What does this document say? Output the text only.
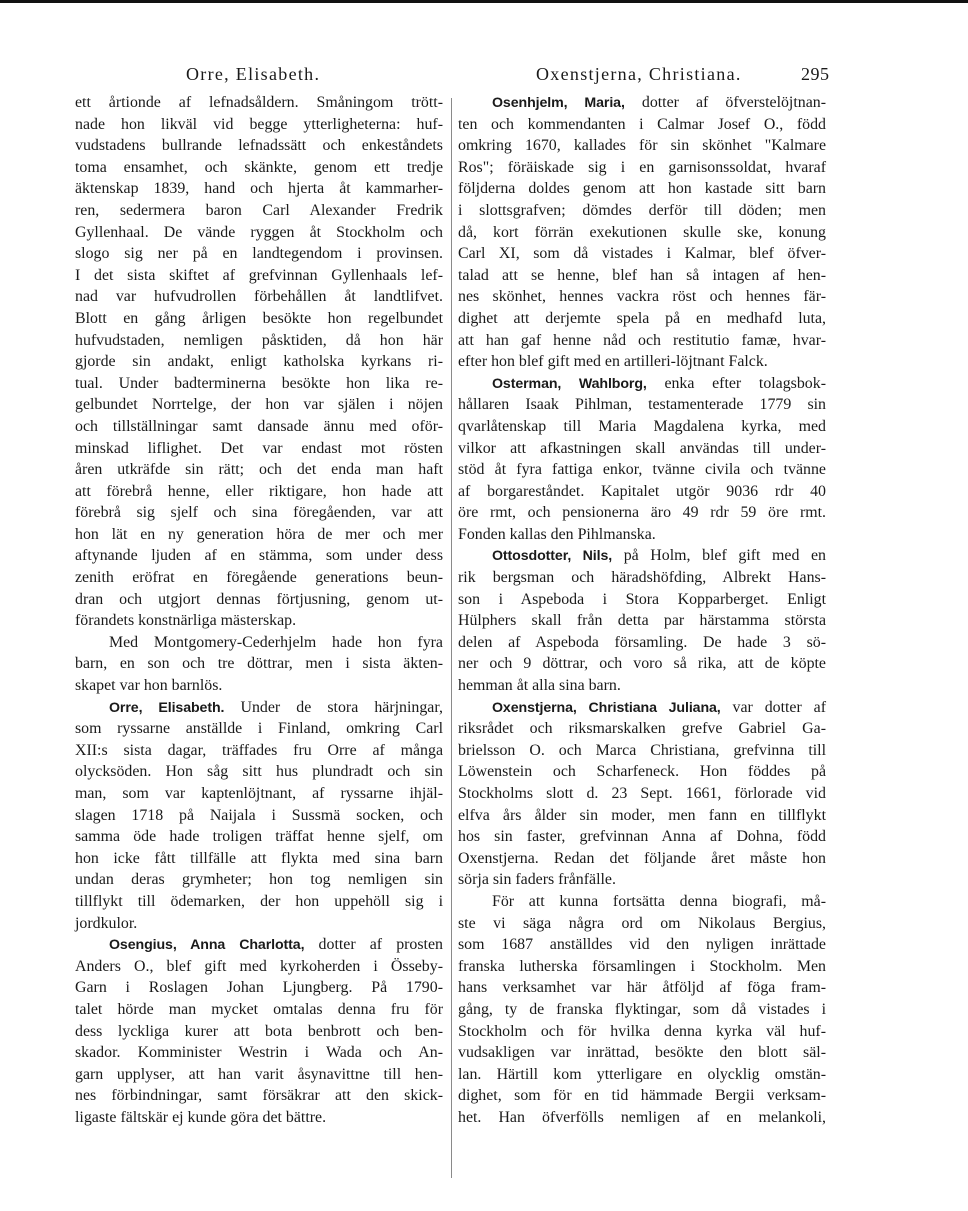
Orre, Elisabeth.	Oxenstjerna, Christiana.	295
ett årtionde af lefnadsåldern. Småningom trött-
nade hon likväl vid begge ytterligheterna: huf-
vudstadens bullrande lefnadssätt och enkeståndets
toma ensamhet, och skänkte, genom ett tredje
äktenskap 1839, hand och hjerta åt kammarher-
ren, sedermera baron Carl Alexander Fredrik
Gyllenhaal. De vände ryggen åt Stockholm och
slogo sig ner på en landtegendom i provinsen.
I det sista skiftet af grefvinnan Gyllenhaals lef-
nad var hufvudrollen förbehållen åt landtlifvet.
Blott en gång årligen besökte hon regelbundet
hufvudstaden, nemligen påsktiden, då hon här
gjorde sin andakt, enligt katholska kyrkans ri-
tual. Under badterminerna besökte hon lika re-
gelbundet Norrtelge, der hon var själen i nöjen
och tillställningar samt dansade ännu med oför-
minskad liflighet. Det var endast mot rösten
åren utkräfde sin rätt; och det enda man haft
att förebrå henne, eller riktigare, hon hade att
förebrå sig sjelf och sina föregåenden, var att
hon lät en ny generation höra de mer och mer
aftynande ljuden af en stämma, som under dess
zenith eröfrat en föregående generations beun-
dran och utgjort dennas förtjusning, genom ut-
förandets konstnärliga mästerskap.
Med Montgomery-Cederhjelm hade hon fyra
barn, en son och tre döttrar, men i sista äkten-
skapet var hon barnlös.
Orre, Elisabeth. Under de stora härjningar,
som ryssarne anställde i Finland, omkring Carl
XII:s sista dagar, träffades fru Orre af många
olycksöden. Hon såg sitt hus plundradt och sin
man, som var kaptenlöjtnant, af ryssarne ihjäl-
slagen 1718 på Naijala i Sussmä socken, och
samma öde hade troligen träffat henne sjelf, om
hon icke fått tillfälle att flykta med sina barn
undan deras grymheter; hon tog nemligen sin
tillflykt till ödemarken, der hon uppehöll sig i
jordkulor.
Osengius, Anna Charlotta, dotter af prosten
Anders O., blef gift med kyrkoherden i Össeby-
Garn i Roslagen Johan Ljungberg. På 1790-
talet hörde man mycket omtalas denna fru för
dess lyckliga kurer att bota benbrott och ben-
skador. Komminister Westrin i Wada och An-
garn upplyser, att han varit åsynavittne till hen-
nes förbindningar, samt försäkrar att den skick-
ligaste fältskär ej kunde göra det bättre.
Osenhjelm, Maria, dotter af öfverstelöjtnan-
ten och kommendanten i Calmar Josef O., född
omkring 1670, kallades för sin skönhet "Kalmare
Ros"; föräiskade sig i en garnisonssoldat, hvaraf
följderna doldes genom att hon kastade sitt barn
i slottsgrafven; dömdes derför till döden; men
då, kort förrän exekutionen skulle ske, konung
Carl XI, som då vistades i Kalmar, blef öfver-
talad att se henne, blef han så intagen af hen-
nes skönhet, hennes vackra röst och hennes fär-
dighet att derjemte spela på en medhafd luta,
att han gaf henne nåd och restitutio famæ, hvar-
efter hon blef gift med en artilleri-löjtnant Falck.
Osterman, Wahlborg, enka efter tolagsbok-
hållaren Isaak Pihlman, testamenterade 1779 sin
qvarlåtenskap till Maria Magdalena kyrka, med
vilkor att afkastningen skall användas till under-
stöd åt fyra fattiga enkor, tvänne civila och tvänne
af borgareståndet. Kapitalet utgör 9036 rdr 40
öre rmt, och pensionerna äro 49 rdr 59 öre rmt.
Fonden kallas den Pihlmanska.
Ottosdotter, Nils, på Holm, blef gift med en
rik bergsman och häradshöfding, Albrekt Hans-
son i Aspeboda i Stora Kopparberget. Enligt
Hülphers skall från detta par härstamma största
delen af Aspeboda församling. De hade 3 sö-
ner och 9 döttrar, och voro så rika, att de köpte
hemman åt alla sina barn.
Oxenstjerna, Christiana Juliana, var dotter af
riksrådet och riksmarskalken grefve Gabriel Ga-
brielsson O. och Marca Christiana, grefvinna till
Löwenstein och Scharfeneck. Hon föddes på
Stockholms slott d. 23 Sept. 1661, förlorade vid
elfva års ålder sin moder, men fann en tillflykt
hos sin faster, grefvinnan Anna af Dohna, född
Oxenstjerna. Redan det följande året måste hon
sörja sin faders frånfälle.
För att kunna fortsätta denna biografi, må-
ste vi säga några ord om Nikolaus Bergius,
som 1687 anställdes vid den nyligen inrättade
franska lutherska församlingen i Stockholm. Men
hans verksamhet var här åtföljd af föga fram-
gång, ty de franska flyktingar, som då vistades i
Stockholm och för hvilka denna kyrka väl huf-
vudsakligen var inrättad, besökte den blott säl-
lan. Härtill kom ytterligare en olycklig omstän-
dighet, som för en tid hämmade Bergii verksam-
het. Han öfverfölls nemligen af en melankoli,
